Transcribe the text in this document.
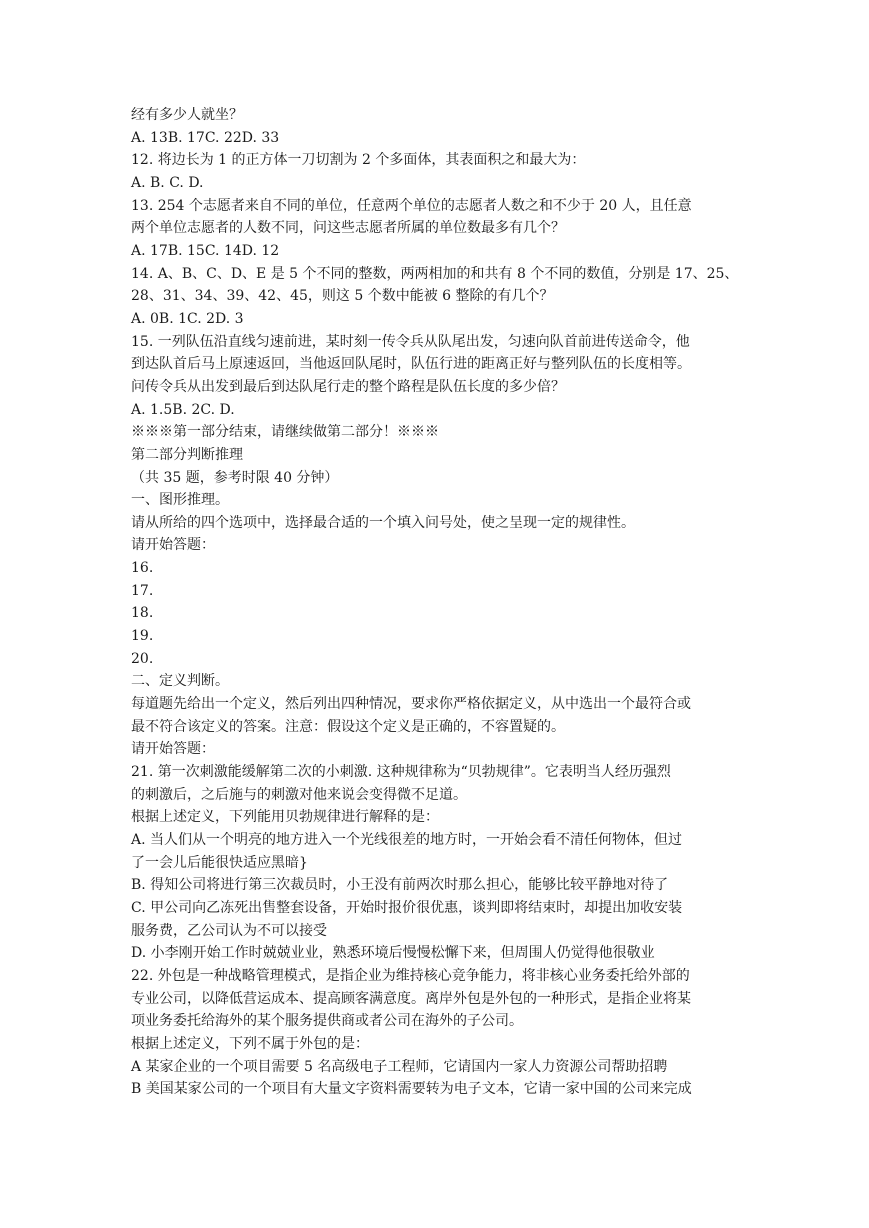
经有多少人就坐？
A. 13B. 17C. 22D. 33
12. 将边长为 1 的正方体一刀切割为 2 个多面体，其表面积之和最大为：
A. B. C. D.
13. 254 个志愿者来自不同的单位，任意两个单位的志愿者人数之和不少于 20 人，且任意
两个单位志愿者的人数不同，问这些志愿者所属的单位数最多有几个？
A. 17B. 15C. 14D. 12
14. A、B、C、D、E 是 5 个不同的整数，两两相加的和共有 8 个不同的数值，分别是 17、25、
28、31、34、39、42、45，则这 5 个数中能被 6 整除的有几个？
A. 0B. 1C. 2D. 3
15. 一列队伍沿直线匀速前进，某时刻一传令兵从队尾出发，匀速向队首前进传送命令，他
到达队首后马上原速返回，当他返回队尾时，队伍行进的距离正好与整列队伍的长度相等。
问传令兵从出发到最后到达队尾行走的整个路程是队伍长度的多少倍？
A. 1.5B. 2C. D.
※※※第一部分结束，请继续做第二部分！※※※
第二部分判断推理
（共 35 题，参考时限 40 分钟）
一、图形推理。
请从所给的四个选项中，选择最合适的一个填入问号处，使之呈现一定的规律性。
请开始答题：
16.
17.
18.
19.
20.
二、定义判断。
每道题先给出一个定义，然后列出四种情况，要求你严格依据定义，从中选出一个最符合或
最不符合该定义的答案。注意：假设这个定义是正确的，不容置疑的。
请开始答题：
21. 第一次刺激能缓解第二次的小刺激. 这种规律称为“贝勃规律”。它表明当人经历强烈
的刺激后，之后施与的刺激对他来说会变得微不足道。
根据上述定义，下列能用贝勃规律进行解释的是：
A. 当人们从一个明亮的地方进入一个光线很差的地方时，一开始会看不清任何物体，但过
了一会儿后能很快适应黑暗}
B. 得知公司将进行第三次裁员时，小王没有前两次时那么担心，能够比较平静地对待了
C. 甲公司向乙冻死出售整套设备，开始时报价很优惠，谈判即将结束时，却提出加收安装
服务费，乙公司认为不可以接受
D. 小李刚开始工作时兢兢业业，熟悉环境后慢慢松懈下来，但周围人仍觉得他很敬业
22. 外包是一种战略管理模式，是指企业为维持核心竞争能力，将非核心业务委托给外部的
专业公司，以降低营运成本、提高顾客满意度。离岸外包是外包的一种形式，是指企业将某
项业务委托给海外的某个服务提供商或者公司在海外的子公司。
根据上述定义，下列不属于外包的是：
A 某家企业的一个项目需要 5 名高级电子工程师，它请国内一家人力资源公司帮助招聘
B 美国某家公司的一个项目有大量文字资料需要转为电子文本，它请一家中国的公司来完成
